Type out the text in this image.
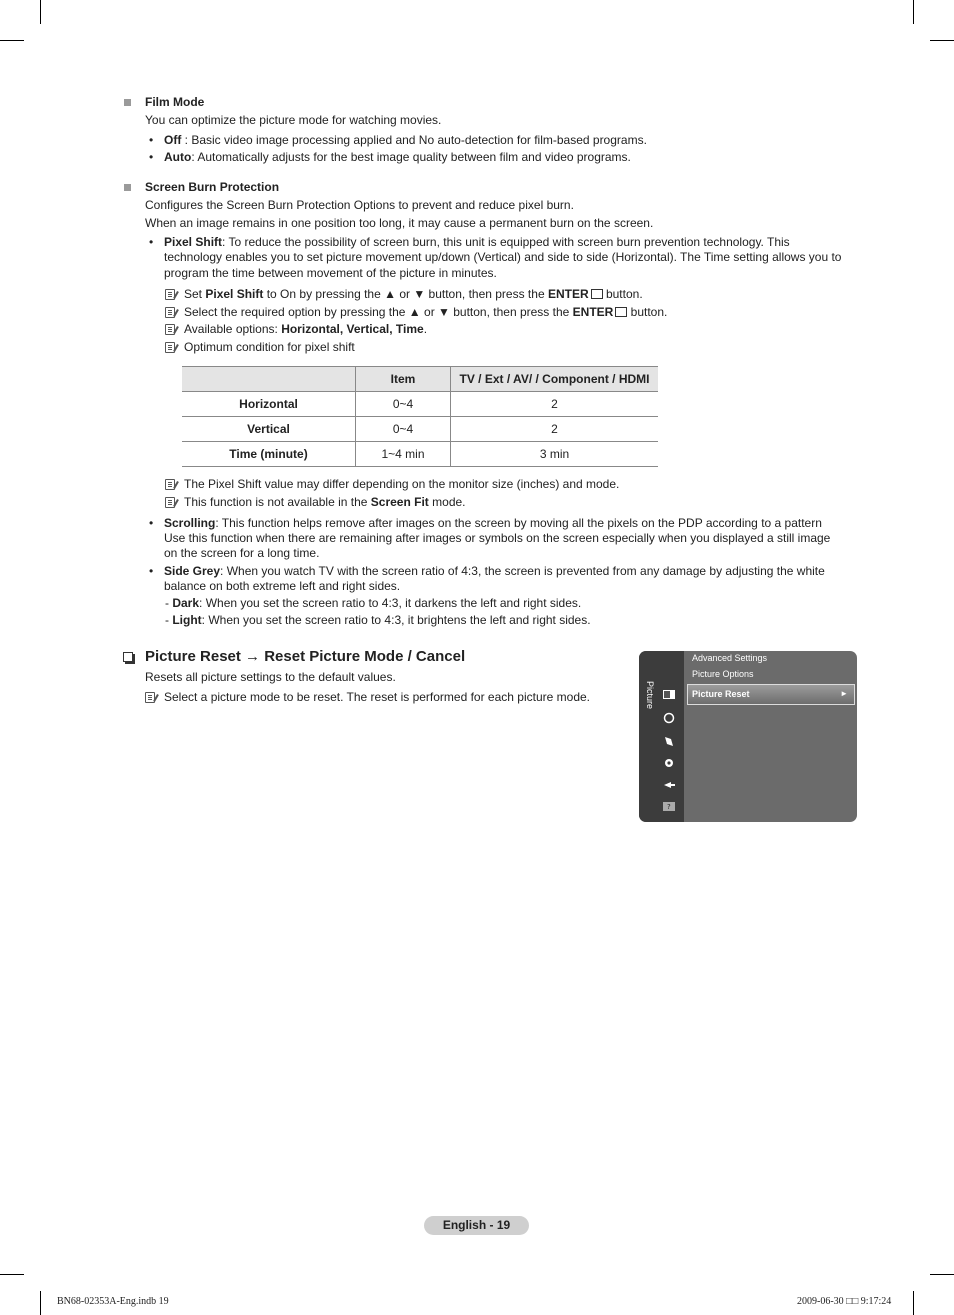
Film Mode
You can optimize the picture mode for watching movies.
• Off : Basic video image processing applied and No auto-detection for film-based programs.
• Auto: Automatically adjusts for the best image quality between film and video programs.
Screen Burn Protection
Configures the Screen Burn Protection Options to prevent and reduce pixel burn.
When an image remains in one position too long, it may cause a permanent burn on the screen.
• Pixel Shift: To reduce the possibility of screen burn, this unit is equipped with screen burn prevention technology. This
technology enables you to set picture movement up/down (Vertical) and side to side (Horizontal). The Time setting allows you to
program the time between movement of the picture in minutes.
Set Pixel Shift to On by pressing the ▲ or ▼ button, then press the ENTER button.
Select the required option by pressing the ▲ or ▼ button, then press the ENTER button.
Available options: Horizontal, Vertical, Time.
Optimum condition for pixel shift
	Item	TV / Ext / AV/ / Component / HDMI
Horizontal	0~4	2
Vertical	0~4	2
Time (minute)	1~4 min	3 min
The Pixel Shift value may differ depending on the monitor size (inches) and mode.
This function is not available in the Screen Fit mode.
• Scrolling: This function helps remove after images on the screen by moving all the pixels on the PDP according to a pattern
Use this function when there are remaining after images or symbols on the screen especially when you displayed a still image
on the screen for a long time.
• Side Grey: When you watch TV with the screen ratio of 4:3, the screen is prevented from any damage by adjusting the white
balance on both extreme left and right sides.
- Dark: When you set the screen ratio to 4:3, it darkens the left and right sides.
- Light: When you set the screen ratio to 4:3, it brightens the left and right sides.
Picture Reset → Reset Picture Mode / Cancel
Resets all picture settings to the default values.
Select a picture mode to be reset. The reset is performed for each picture mode.	Picture
?
Advanced Settings
Picture Options
Picture Reset	►
English - 19
BN68-02353A-Eng.indb 19	2009-06-30 □□ 9:17:24
